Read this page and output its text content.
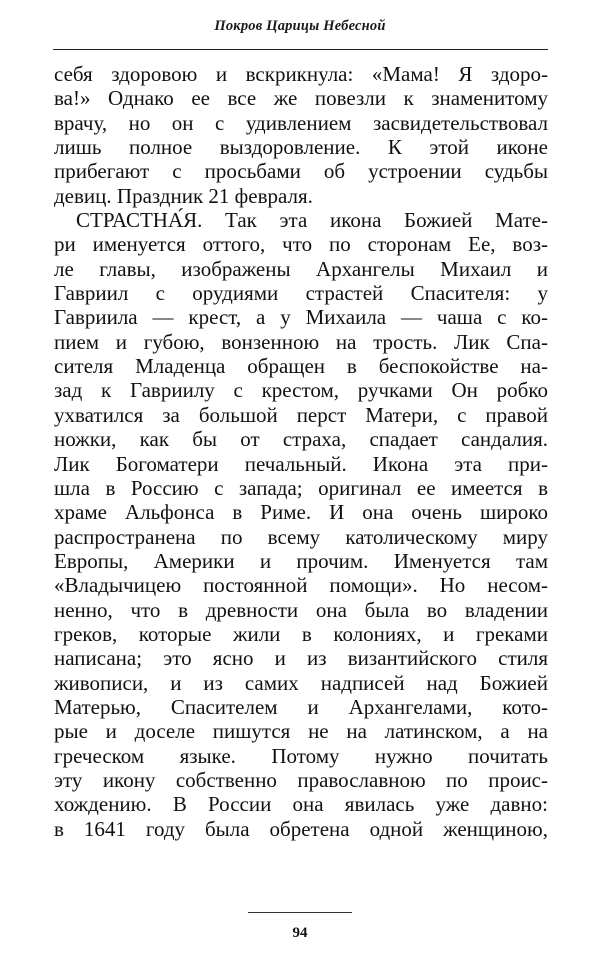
Покров Царицы Небесной
себя здоровою и вскрикнула: «Мама! Я здоро-
ва!» Однако ее все же повезли к знаменитому
врачу, но он с удивлением засвидетельствовал
лишь полное выздоровление. К этой иконе
прибегают с просьбами об устроении судьбы
девиц. Праздник 21 февраля.
СТРАСТНА́Я. Так эта икона Божией Мате-
ри именуется оттого, что по сторонам Ее, воз-
ле главы, изображены Архангелы Михаил и
Гавриил с орудиями страстей Спасителя: у
Гавриила — крест, а у Михаила — чаша с ко-
пием и губою, вонзенною на трость. Лик Спа-
сителя Младенца обращен в беспокойстве на-
зад к Гавриилу с крестом, ручками Он робко
ухватился за большой перст Матери, с правой
ножки, как бы от страха, спадает сандалия.
Лик Богоматери печальный. Икона эта при-
шла в Россию с запада; оригинал ее имеется в
храме Альфонса в Риме. И она очень широко
распространена по всему католическому миру
Европы, Америки и прочим. Именуется там
«Владычицею постоянной помощи». Но несом-
ненно, что в древности она была во владении
греков, которые жили в колониях, и греками
написана; это ясно и из византийского стиля
живописи, и из самих надписей над Божией
Матерью, Спасителем и Архангелами, кото-
рые и доселе пишутся не на латинском, а на
греческом языке. Потому нужно почитать
эту икону собственно православною по проис-
хождению. В России она явилась уже давно:
в 1641 году была обретена одной женщиною,
94
